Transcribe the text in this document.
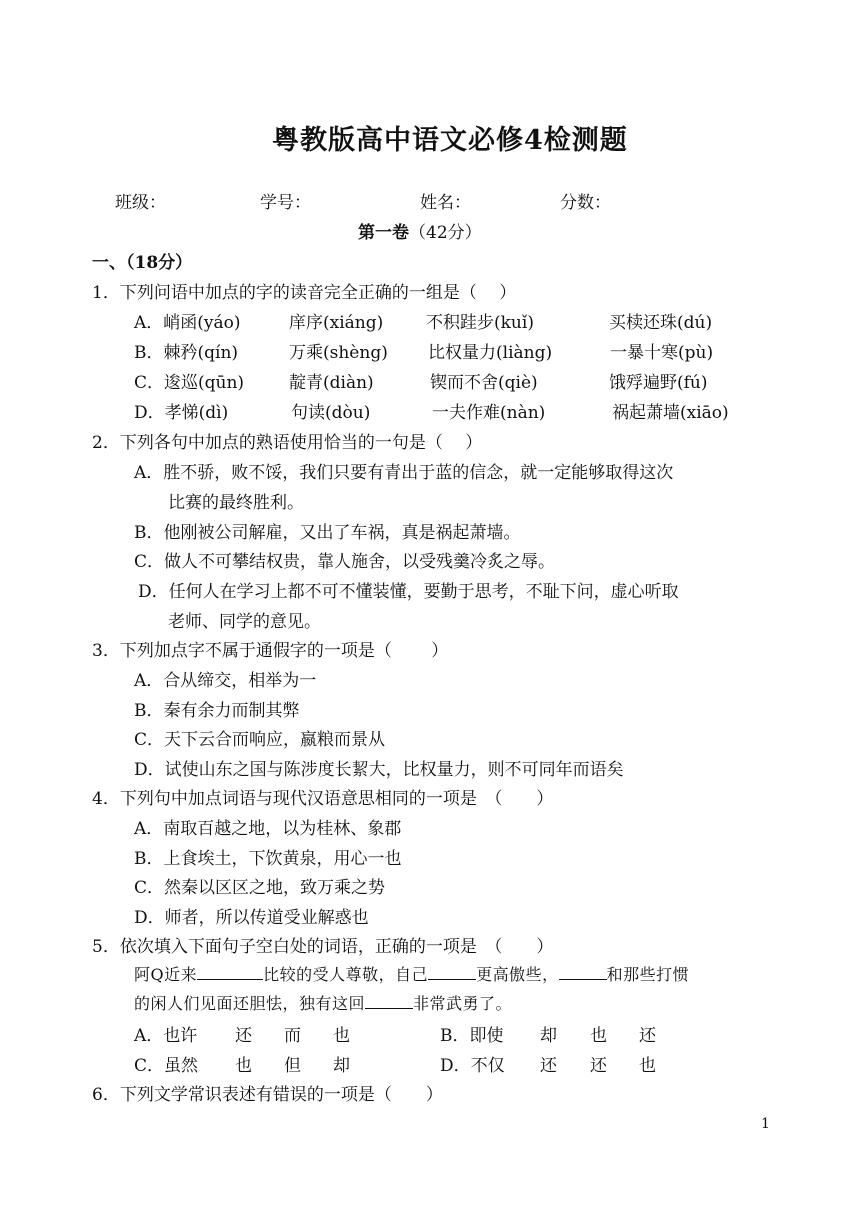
粤教版高中语文必修4检测题
班级：	学号：	姓名：	分数：
第一卷（42分）
一、（18分）
1．下列问语中加点的字的读音完全正确的一组是（　 ）
A．峭函(yáo)	庠序(xiáng)	不积跬步(kuǐ)	买椟还珠(dú)
B．棘矜(qín)	万乘(shèng) 比权量力(liàng)	一暴十寒(pù)
C．逡巡(qūn)	靛青(diàn)	锲而不舍(qiè)	饿殍遍野(fú)
D．孝悌(dì)	句读(dòu)	一夫作难(nàn)	祸起萧墙(xiāo)
2．下列各句中加点的熟语使用恰当的一句是（　 ）
A．胜不骄，败不馁，我们只要有青出于蓝的信念，就一定能够取得这次
比赛的最终胜利。
B．他刚被公司解雇，又出了车祸，真是祸起萧墙。
C．做人不可攀结权贵，靠人施舍，以受残羹冷炙之辱。
D．任何人在学习上都不可不懂装懂，要勤于思考，不耻下问，虚心听取
老师、同学的意见。
3．下列加点字不属于通假字的一项是（　　 ）
A．合从缔交，相举为一
B．秦有余力而制其弊
C．天下云合而响应，嬴粮而景从
D．试使山东之国与陈涉度长絜大，比权量力，则不可同年而语矣
4．下列句中加点词语与现代汉语意思相同的一项是　（　　）
A．南取百越之地，以为桂林、象郡
B．上食埃土，下饮黄泉，用心一也
C．然秦以区区之地，致万乘之势
D．师者，所以传道受业解惑也
5．依次填入下面句子空白处的词语，正确的一项是　（　　）
阿Q近来	比较的受人尊敬，自己	更高傲些，	和那些打惯
的闲人们见面还胆怯，独有这回	非常武勇了。
A．也许 还 而 也	B．即使 却 也 还
C．虽然 也 但 却	D．不仅 还 还 也
6．下列文学常识表述有错误的一项是（　　）
1
